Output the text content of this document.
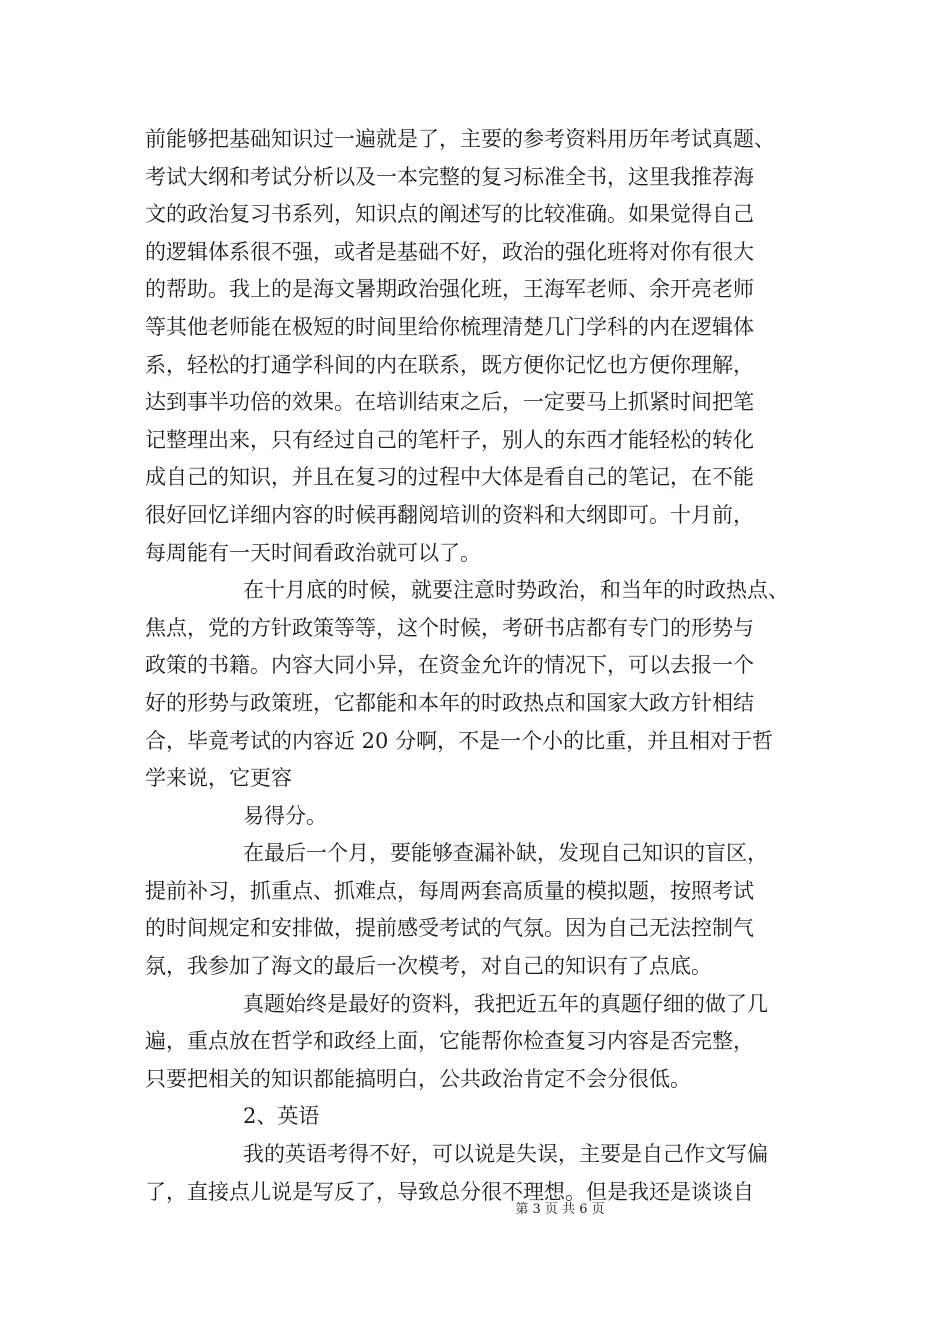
前能够把基础知识过一遍就是了，主要的参考资料用历年考试真题、
考试大纲和考试分析以及一本完整的复习标准全书，这里我推荐海
文的政治复习书系列，知识点的阐述写的比较准确。如果觉得自己
的逻辑体系很不强，或者是基础不好，政治的强化班将对你有很大
的帮助。我上的是海文暑期政治强化班，王海军老师、余开亮老师
等其他老师能在极短的时间里给你梳理清楚几门学科的内在逻辑体
系，轻松的打通学科间的内在联系，既方便你记忆也方便你理解，
达到事半功倍的效果。在培训结束之后，一定要马上抓紧时间把笔
记整理出来，只有经过自己的笔杆子，别人的东西才能轻松的转化
成自己的知识，并且在复习的过程中大体是看自己的笔记，在不能
很好回忆详细内容的时候再翻阅培训的资料和大纲即可。十月前，
每周能有一天时间看政治就可以了。
在十月底的时候，就要注意时势政治，和当年的时政热点、
焦点，党的方针政策等等，这个时候，考研书店都有专门的形势与
政策的书籍。内容大同小异，在资金允许的情况下，可以去报一个
好的形势与政策班，它都能和本年的时政热点和国家大政方针相结
合，毕竟考试的内容近 20 分啊，不是一个小的比重，并且相对于哲
学来说，它更容
易得分。
在最后一个月，要能够查漏补缺，发现自己知识的盲区，
提前补习，抓重点、抓难点，每周两套高质量的模拟题，按照考试
的时间规定和安排做，提前感受考试的气氛。因为自己无法控制气
氛，我参加了海文的最后一次模考，对自己的知识有了点底。
真题始终是最好的资料，我把近五年的真题仔细的做了几
遍，重点放在哲学和政经上面，它能帮你检查复习内容是否完整，
只要把相关的知识都能搞明白，公共政治肯定不会分很低。
2、英语
我的英语考得不好，可以说是失误，主要是自己作文写偏
了，直接点儿说是写反了，导致总分很不理想。但是我还是谈谈自
第 3 页 共 6 页
